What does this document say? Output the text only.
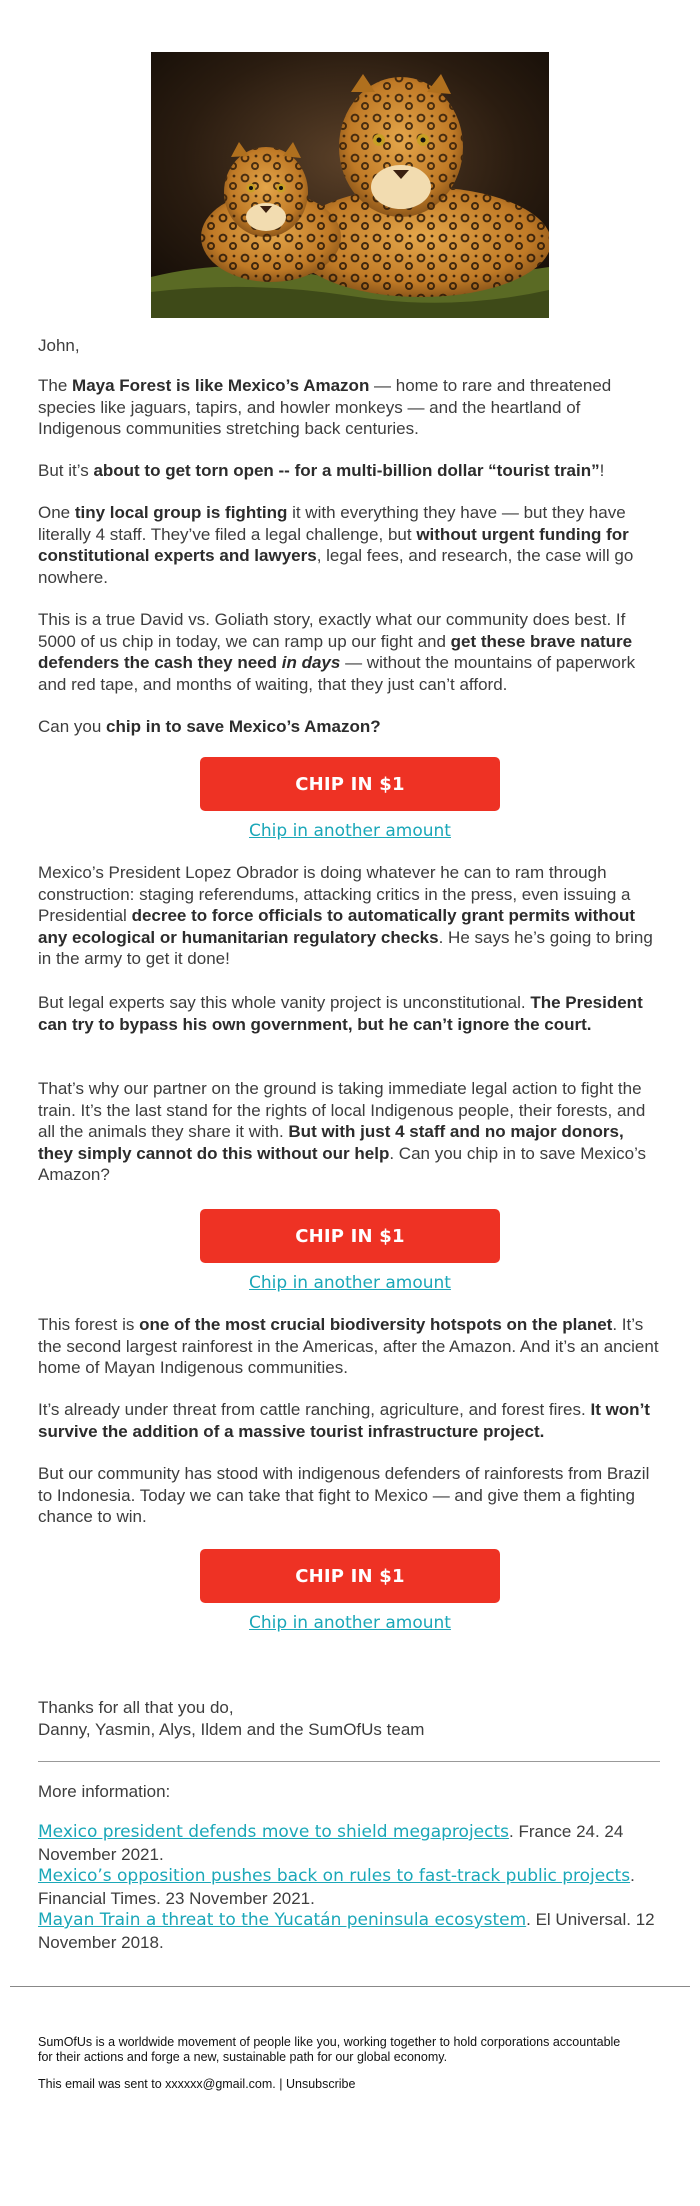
John,

The Maya Forest is like Mexico’s Amazon — home to rare and threatened species like jaguars, tapirs, and howler monkeys — and the heartland of Indigenous communities stretching back centuries.

But it’s about to get torn open -- for a multi-billion dollar “tourist train”!

One tiny local group is fighting it with everything they have — but they have literally 4 staff. They’ve filed a legal challenge, but without urgent funding for constitutional experts and lawyers, legal fees, and research, the case will go nowhere.

This is a true David vs. Goliath story, exactly what our community does best. If 5000 of us chip in today, we can ramp up our fight and get these brave nature defenders the cash they need in days — without the mountains of paperwork and red tape, and months of waiting, that they just can’t afford.

Can you chip in to save Mexico’s Amazon?

CHIP IN $1
Chip in another amount

Mexico’s President Lopez Obrador is doing whatever he can to ram through construction: staging referendums, attacking critics in the press, even issuing a Presidential decree to force officials to automatically grant permits without any ecological or humanitarian regulatory checks. He says he’s going to bring in the army to get it done!

But legal experts say this whole vanity project is unconstitutional. The President can try to bypass his own government, but he can’t ignore the court.

That’s why our partner on the ground is taking immediate legal action to fight the train. It’s the last stand for the rights of local Indigenous people, their forests, and all the animals they share it with. But with just 4 staff and no major donors, they simply cannot do this without our help. Can you chip in to save Mexico’s Amazon?

CHIP IN $1
Chip in another amount

This forest is one of the most crucial biodiversity hotspots on the planet. It’s the second largest rainforest in the Americas, after the Amazon. And it’s an ancient home of Mayan Indigenous communities.

It’s already under threat from cattle ranching, agriculture, and forest fires. It won’t survive the addition of a massive tourist infrastructure project.

But our community has stood with indigenous defenders of rainforests from Brazil to Indonesia. Today we can take that fight to Mexico — and give them a fighting chance to win.

CHIP IN $1
Chip in another amount

Thanks for all that you do,
Danny, Yasmin, Alys, Ildem and the SumOfUs team

More information:

Mexico president defends move to shield megaprojects. France 24. 24 November 2021.
Mexico’s opposition pushes back on rules to fast-track public projects. Financial Times. 23 November 2021.
Mayan Train a threat to the Yucatán peninsula ecosystem. El Universal. 12 November 2018.

SumOfUs is a worldwide movement of people like you, working together to hold corporations accountable for their actions and forge a new, sustainable path for our global economy.

This email was sent to xxxxxx@gmail.com. | Unsubscribe
